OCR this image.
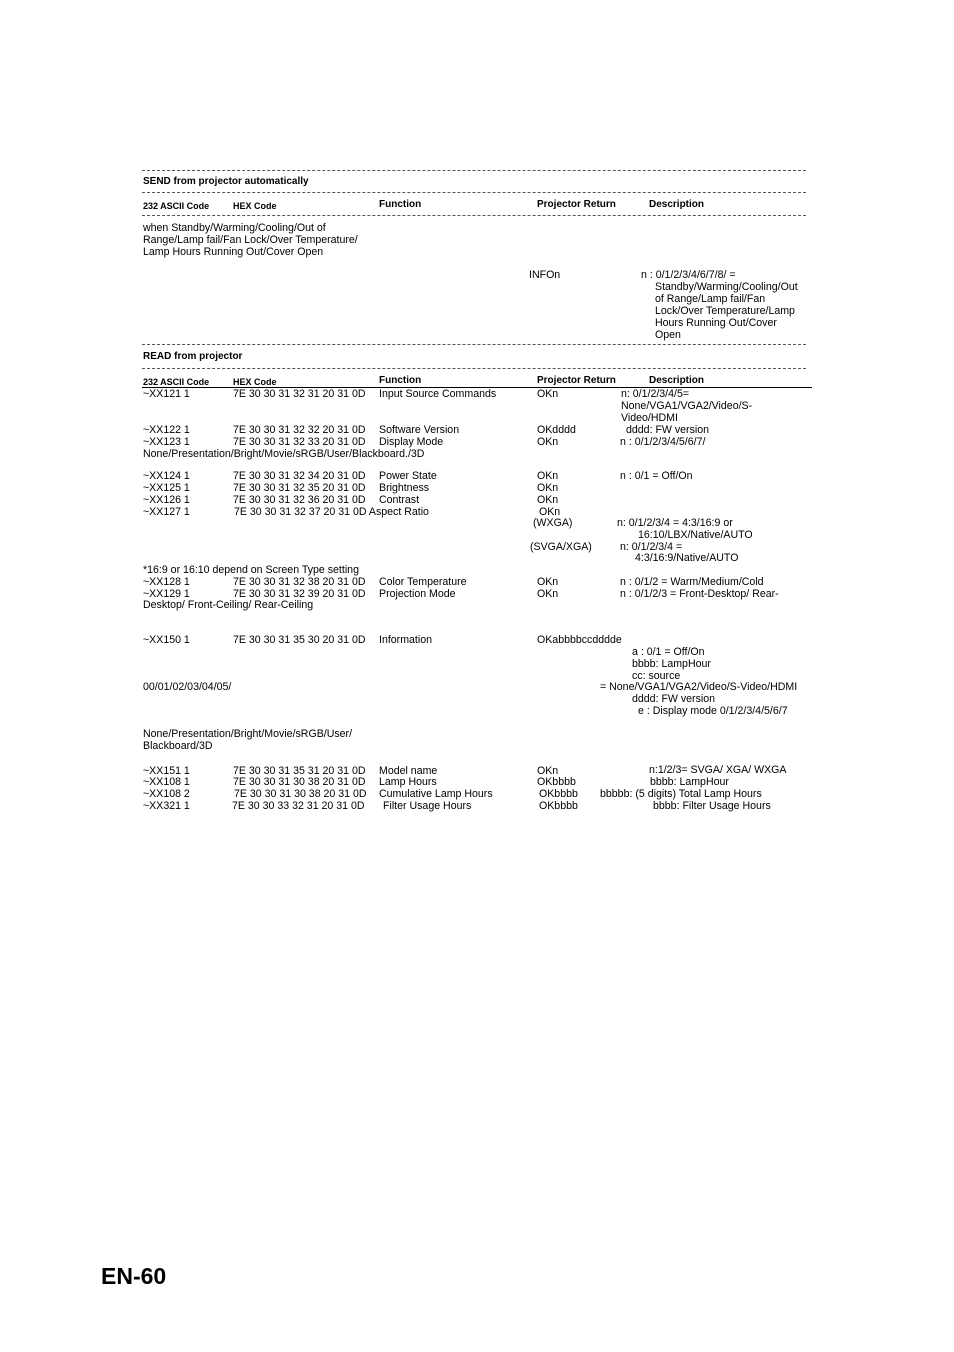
SEND from projector automatically
232 ASCII Code	HEX Code	Function	Projector Return	Description
when Standby/Warming/Cooling/Out of
Range/Lamp fail/Fan Lock/Over Temperature/
Lamp Hours Running Out/Cover Open
INFOn	n : 0/1/2/3/4/6/7/8/ =
Standby/Warming/Cooling/Out
of Range/Lamp fail/Fan
Lock/Over Temperature/Lamp
Hours Running Out/Cover
Open
READ from projector
232 ASCII Code	HEX Code	Function	Projector Return	Description
~XX121 1	7E 30 30 31 32 31 20 31 0D Input Source Commands	OKn	n: 0/1/2/3/4/5=
None/VGA1/VGA2/Video/S-
Video/HDMI
~XX122 1	7E 30 30 31 32 32 20 31 0D Software Version	OKdddd	dddd: FW version
~XX123 1	7E 30 30 31 32 33 20 31 0D Display Mode	OKn	n : 0/1/2/3/4/5/6/7/
None/Presentation/Bright/Movie/sRGB/User/Blackboard./3D
~XX124 1	7E 30 30 31 32 34 20 31 0D Power State	OKn	n : 0/1 = Off/On
~XX125 1	7E 30 30 31 32 35 20 31 0D Brightness	OKn
~XX126 1	7E 30 30 31 32 36 20 31 0D Contrast	OKn
~XX127 1	7E 30 30 31 32 37 20 31 0D Aspect Ratio	OKn
(WXGA)	n: 0/1/2/3/4 = 4:3/16:9 or
16:10/LBX/Native/AUTO
(SVGA/XGA)	n: 0/1/2/3/4 =
4:3/16:9/Native/AUTO
*16:9 or 16:10 depend on Screen Type setting
~XX128 1	7E 30 30 31 32 38 20 31 0D Color Temperature	OKn	n : 0/1/2 = Warm/Medium/Cold
~XX129 1	7E 30 30 31 32 39 20 31 0D Projection Mode	OKn	n : 0/1/2/3 = Front-Desktop/ Rear-
Desktop/ Front-Ceiling/ Rear-Ceiling
~XX150 1	7E 30 30 31 35 30 20 31 0D Information	OKabbbbccdddde
a : 0/1 = Off/On
bbbb: LampHour
cc: source
00/01/02/03/04/05/	= None/VGA1/VGA2/Video/S-Video/HDMI
dddd: FW version
e : Display mode 0/1/2/3/4/5/6/7
None/Presentation/Bright/Movie/sRGB/User/
Blackboard/3D
~XX151 1	7E 30 30 31 35 31 20 31 0D Model name	OKn	n:1/2/3= SVGA/ XGA/ WXGA
~XX108 1	7E 30 30 31 30 38 20 31 0D Lamp Hours	OKbbbb	bbbb: LampHour
~XX108 2	7E 30 30 31 30 38 20 31 0D Cumulative Lamp Hours	OKbbbb bbbbb: (5 digits) Total Lamp Hours
~XX321 1	7E 30 30 33 32 31 20 31 0D Filter Usage Hours	OKbbbb	bbbb: Filter Usage Hours
EN-60
